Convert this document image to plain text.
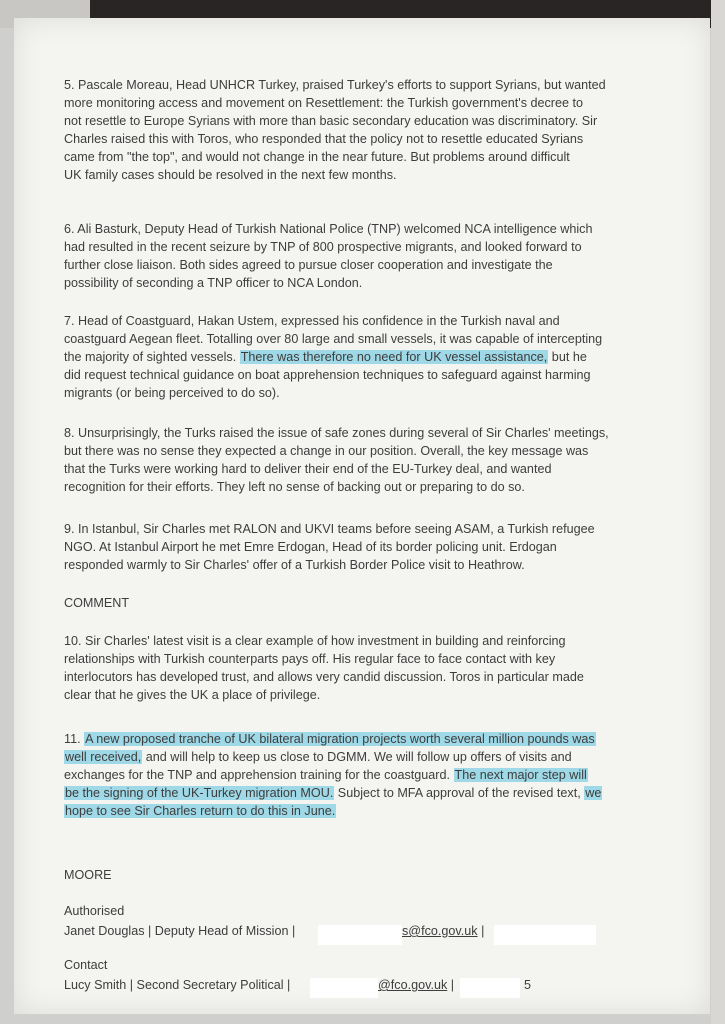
5. Pascale Moreau, Head UNHCR Turkey, praised Turkey's efforts to support Syrians, but wanted
more monitoring access and movement on Resettlement: the Turkish government's decree to
not resettle to Europe Syrians with more than basic secondary education was discriminatory. Sir
Charles raised this with Toros, who responded that the policy not to resettle educated Syrians
came from "the top", and would not change in the near future. But problems around difficult
UK family cases should be resolved in the next few months.
6. Ali Basturk, Deputy Head of Turkish National Police (TNP) welcomed NCA intelligence which
had resulted in the recent seizure by TNP of 800 prospective migrants, and looked forward to
further close liaison. Both sides agreed to pursue closer cooperation and investigate the
possibility of seconding a TNP officer to NCA London.
7. Head of Coastguard, Hakan Ustem, expressed his confidence in the Turkish naval and
coastguard Aegean fleet. Totalling over 80 large and small vessels, it was capable of intercepting
the majority of sighted vessels. There was therefore no need for UK vessel assistance, but he
did request technical guidance on boat apprehension techniques to safeguard against harming
migrants (or being perceived to do so).
8. Unsurprisingly, the Turks raised the issue of safe zones during several of Sir Charles' meetings,
but there was no sense they expected a change in our position. Overall, the key message was
that the Turks were working hard to deliver their end of the EU-Turkey deal, and wanted
recognition for their efforts. They left no sense of backing out or preparing to do so.
9. In Istanbul, Sir Charles met RALON and UKVI teams before seeing ASAM, a Turkish refugee
NGO. At Istanbul Airport he met Emre Erdogan, Head of its border policing unit. Erdogan
responded warmly to Sir Charles' offer of a Turkish Border Police visit to Heathrow.
COMMENT
10. Sir Charles' latest visit is a clear example of how investment in building and reinforcing
relationships with Turkish counterparts pays off. His regular face to face contact with key
interlocutors has developed trust, and allows very candid discussion. Toros in particular made
clear that he gives the UK a place of privilege.
11. A new proposed tranche of UK bilateral migration projects worth several million pounds was
well received, and will help to keep us close to DGMM. We will follow up offers of visits and
exchanges for the TNP and apprehension training for the coastguard. The next major step will
be the signing of the UK-Turkey migration MOU. Subject to MFA approval of the revised text, we
hope to see Sir Charles return to do this in June.
MOORE
Authorised
Janet Douglas | Deputy Head of Mission |	s@fco.gov.uk |
Contact
Lucy Smith | Second Secretary Political |	@fco.gov.uk |	5
